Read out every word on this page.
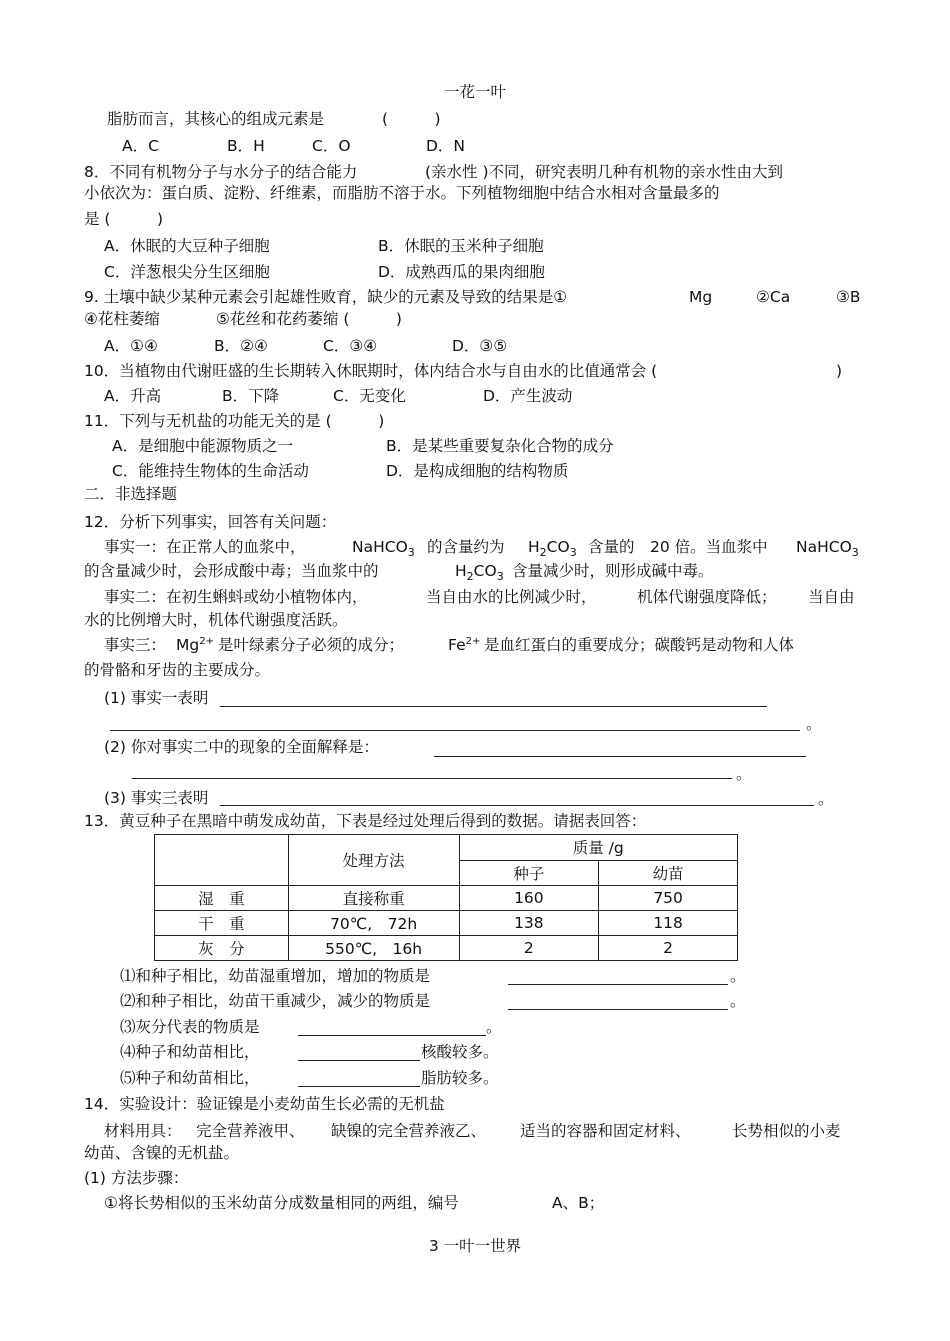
一花一叶
脂肪而言，其核心的组成元素是	(　　　)
A．C	B．H	C．O	D．N
8．不同有机物分子与水分子的结合能力	(亲水性 )不同，研究表明几种有机物的亲水性由大到
小依次为：蛋白质、淀粉、纤维素，而脂肪不溶于水。下列植物细胞中结合水相对含量最多的
是 (　　　)
A．休眠的大豆种子细胞	B．休眠的玉米种子细胞
C．洋葱根尖分生区细胞	D．成熟西瓜的果肉细胞
9. 土壤中缺少某种元素会引起雄性败育，缺少的元素及导致的结果是①	Mg	②Ca	③B
④花柱萎缩	⑤花丝和花药萎缩 (　　　)
A．①④	B．②④	C．③④	D．③⑤
10．当植物由代谢旺盛的生长期转入休眠期时，体内结合水与自由水的比值通常会 (	)
A．升高	B．下降	C．无变化	D．产生波动
11．下列与无机盐的功能无关的是 (　　　)
A．是细胞中能源物质之一	B．是某些重要复杂化合物的成分
C．能维持生物体的生命活动	D．是构成细胞的结构物质
二．非选择题
12．分析下列事实，回答有关问题：
事实一：在正常人的血浆中，	NaHCO$_3$ 的含量约为 $H_2CO_3$ 含量的　20 倍。当血浆中 NaHCO$_3$
的含量减少时，会形成酸中毒；当血浆中的	$H_2CO_3$ 含量减少时，则形成碱中毒。
事实二：在初生蝌蚪或幼小植物体内，	当自由水的比例减少时，	机体代谢强度降低； 当自由
水的比例增大时，机体代谢强度活跃。
事实三： $Mg^{2+}$ 是叶绿素分子必须的成分；	$Fe^{2+}$ 是血红蛋白的重要成分；碳酸钙是动物和人体
的骨骼和牙齿的主要成分。
(1) 事实一表明
。
(2) 你对事实二中的现象的全面解释是：
。
(3) 事实三表明	。
13．黄豆种子在黑暗中萌发成幼苗，下表是经过处理后得到的数据。请据表回答：
	处理方法	质量 /g	
		种子	幼苗
湿　重	直接称重	160	750
干　重	70℃,　72h	138	118
灰　分	550℃,　16h	2	2
⑴和种子相比，幼苗湿重增加，增加的物质是	。
⑵和种子相比，幼苗干重减少，减少的物质是	。
⑶灰分代表的物质是	。
⑷种子和幼苗相比，	核酸较多。
⑸种子和幼苗相比，	脂肪较多。
14．实验设计：验证镍是小麦幼苗生长必需的无机盐
材料用具： 完全营养液甲、 缺镍的完全营养液乙、 适当的容器和固定材料、	长势相似的小麦
幼苗、含镍的无机盐。
(1) 方法步骤：
①将长势相似的玉米幼苗分成数量相同的两组，编号	A、B；
3 一叶一世界
